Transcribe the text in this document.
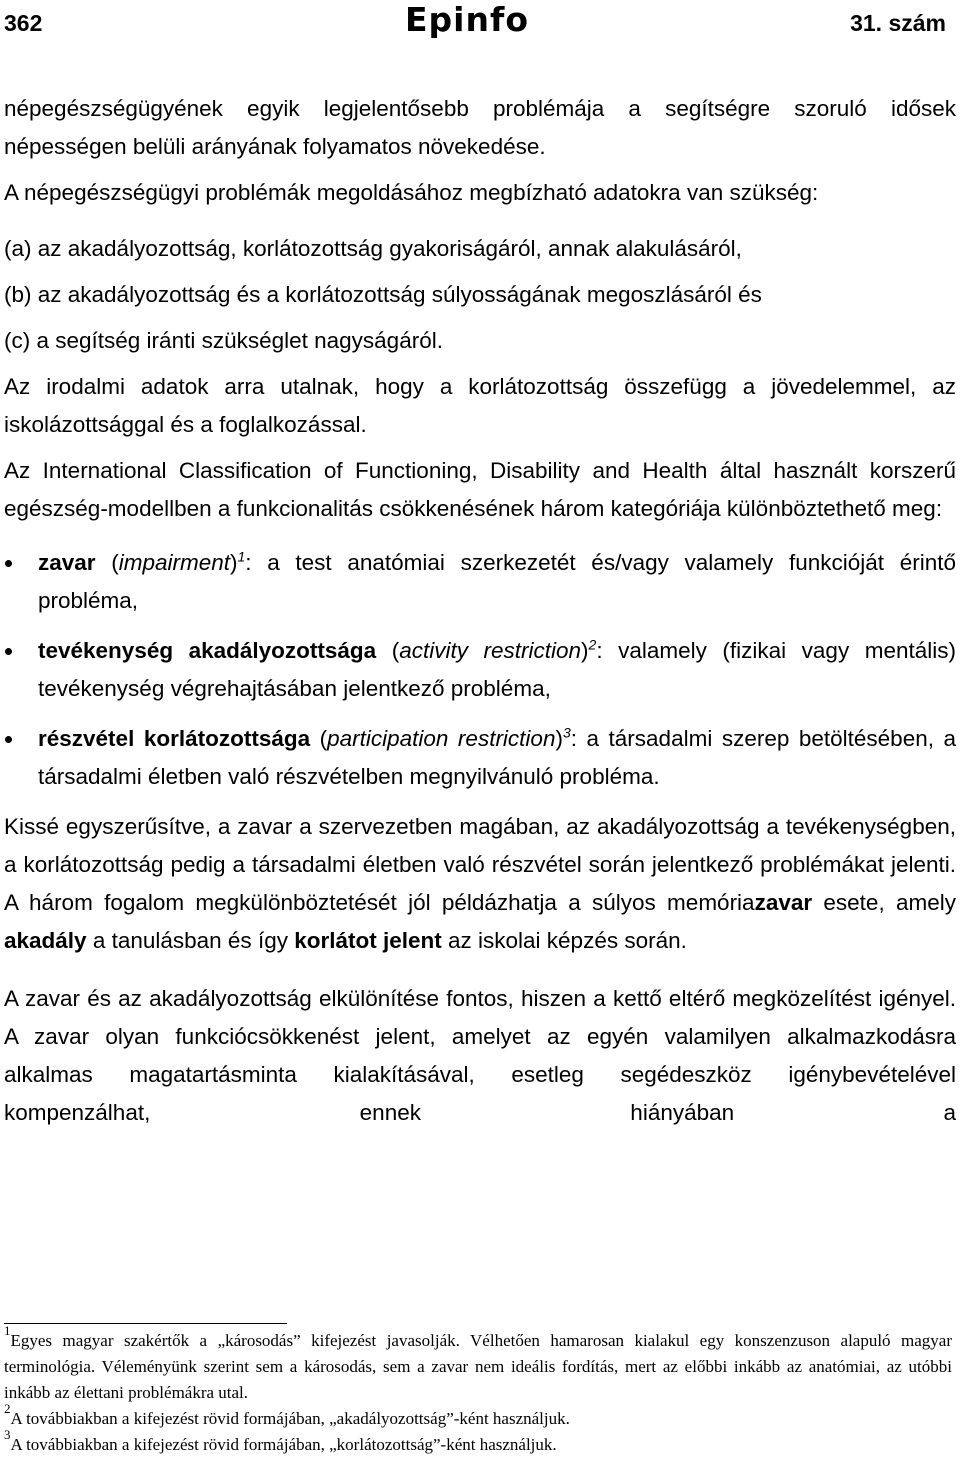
362	Epinfo	31. szám

népegészségügyének egyik legjelentősebb problémája a segítségre szoruló idősek népességen belüli arányának folyamatos növekedése.

A népegészségügyi problémák megoldásához megbízható adatokra van szükség:

(a) az akadályozottság, korlátozottság gyakoriságáról, annak alakulásáról,

(b) az akadályozottság és a korlátozottság súlyosságának megoszlásáról és

(c) a segítség iránti szükséglet nagyságáról.

Az irodalmi adatok arra utalnak, hogy a korlátozottság összefügg a jövedelemmel, az iskolázottsággal és a foglalkozással.

Az International Classification of Functioning, Disability and Health által használt korszerű egészség-modellben a funkcionalitás csökkenésének három kategóriája különböztethető meg:

zavar (impairment)$^1$: a test anatómiai szerkezetét és/vagy valamely funkcióját érintő probléma,
tevékenység akadályozottsága (activity restriction)$^2$: valamely (fizikai vagy mentális) tevékenység végrehajtásában jelentkező probléma,
részvétel korlátozottsága (participation restriction)$^3$: a társadalmi szerep betöltésében, a társadalmi életben való részvételben megnyilvánuló probléma.

Kissé egyszerűsítve, a zavar a szervezetben magában, az akadályozottság a tevékenységben, a korlátozottság pedig a társadalmi életben való részvétel során jelentkező problémákat jelenti. A három fogalom megkülönböztetését jól példázhatja a súlyos memóriazavar esete, amely akadály a tanulásban és így korlátot jelent az iskolai képzés során.

A zavar és az akadályozottság elkülönítése fontos, hiszen a kettő eltérő megközelítést igényel. A zavar olyan funkciócsökkenést jelent, amelyet az egyén valamilyen alkalmazkodásra alkalmas magatartásminta kialakításával, esetleg segédeszköz igénybevételével kompenzálhat, ennek hiányában a

$^1$Egyes magyar szakértők a „károsodás” kifejezést javasolják. Vélhetően hamarosan kialakul egy konszenzuson alapuló magyar terminológia. Véleményünk szerint sem a károsodás, sem a zavar nem ideális fordítás, mert az előbbi inkább az anatómiai, az utóbbi inkább az élettani problémákra utal.

$^2$A továbbiakban a kifejezést rövid formájában, „akadályozottság”-ként használjuk.

$^3$A továbbiakban a kifejezést rövid formájában, „korlátozottság”-ként használjuk.
